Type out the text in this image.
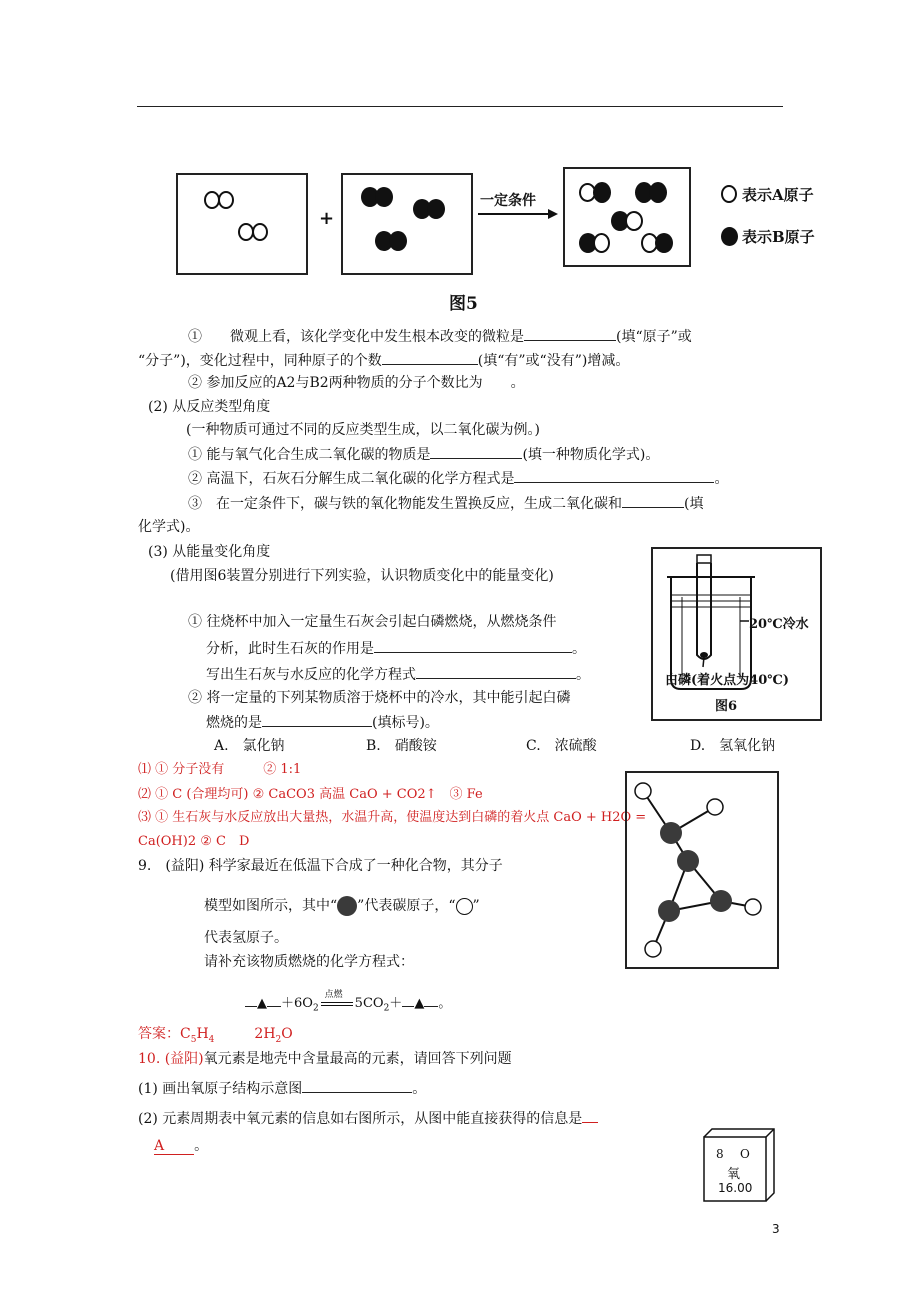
+
一定条件	表示A原子
表示B原子
图5
①　　微观上看，该化学变化中发生根本改变的微粒是	(填“原子”或
“分子”)，变化过程中，同种原子的个数	(填“有”或“没有”)增减。
② 参加反应的A2与B2两种物质的分子个数比为　　。
(2) 从反应类型角度
(一种物质可通过不同的反应类型生成，以二氧化碳为例。)
① 能与氧气化合生成二氧化碳的物质是	(填一种物质化学式)。
② 高温下，石灰石分解生成二氧化碳的化学方程式是	。
③　在一定条件下，碳与铁的氧化物能发生置换反应，生成二氧化碳和	(填
化学式)。
(3) 从能量变化角度
(借用图6装置分别进行下列实验，认识物质变化中的能量变化)
① 往烧杯中加入一定量生石灰会引起白磷燃烧，从燃烧条件
分析，此时生石灰的作用是	。
写出生石灰与水反应的化学方程式	。
② 将一定量的下列某物质溶于烧杯中的冷水，其中能引起白磷
燃烧的是	(填标号)。
A.　氯化钠	B.　硝酸铵	C.　浓硫酸	D.　氢氧化钠
20℃冷水
白磷(着火点为40℃)
图6
⑴ ① 分子没有　　　② 1:1
⑵ ① C (合理均可) ② CaCO3 高温 CaO + CO2↑　③ Fe
⑶ ① 生石灰与水反应放出大量热，水温升高，使温度达到白磷的着火点 CaO + H2O =
Ca(OH)2 ② C　D
9.　(益阳) 科学家最近在低温下合成了一种化合物，其分子
模型如图所示，其中“ ”代表碳原子，“ ”
代表氢原子。
请补充该物质燃烧的化学方程式：
▲ $+6O_2$
点燃
$5CO_2+$ ▲ 。
答案：$C_5H_4$	$2H_2O$
10. (益阳)氧元素是地壳中含量最高的元素，请回答下列问题
(1) 画出氧原子结构示意图	。
(2) 元素周期表中氧元素的信息如右图所示，从图中能直接获得的信息是
A 。	8 O
氧
16.00
3
